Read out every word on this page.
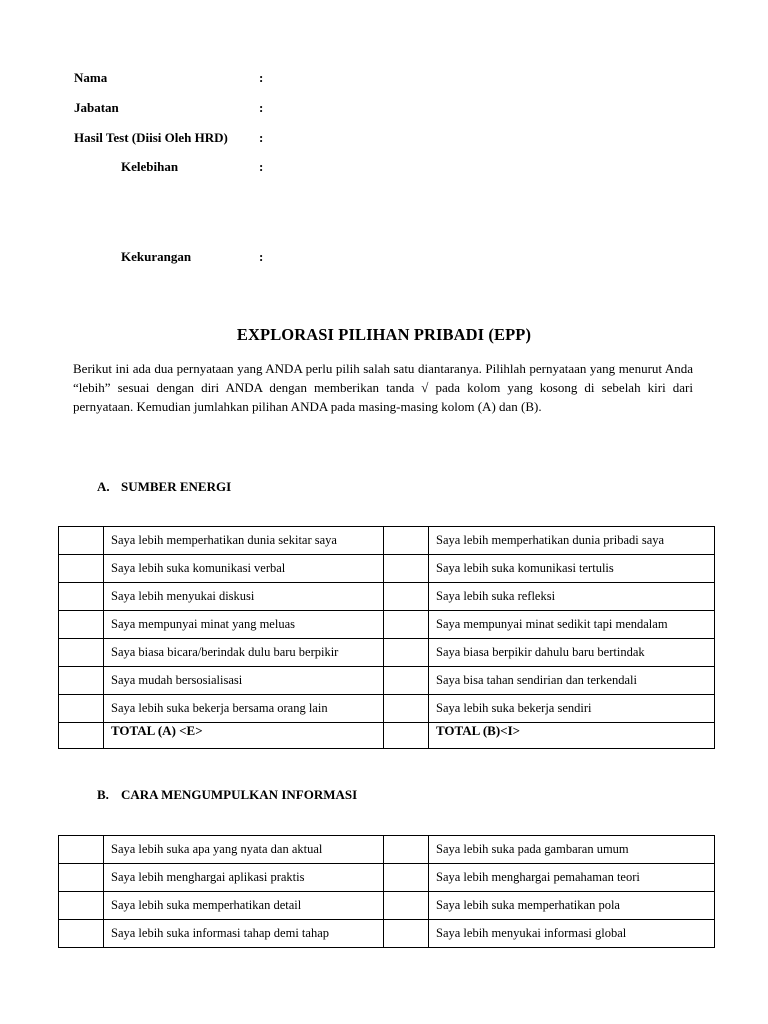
Nama	:
Jabatan	:
Hasil Test (Diisi Oleh HRD) :
Kelebihan	:
Kekurangan	:
EXPLORASI PILIHAN PRIBADI (EPP)
Berikut ini ada dua pernyataan yang ANDA perlu pilih salah satu diantaranya. Pilihlah pernyataan yang menurut Anda “lebih” sesuai dengan diri ANDA dengan memberikan tanda √ pada kolom yang kosong di sebelah kiri dari pernyataan. Kemudian jumlahkan pilihan ANDA pada masing-masing kolom (A) dan (B).
A. SUMBER ENERGI
	Saya lebih memperhatikan dunia sekitar saya		Saya lebih memperhatikan dunia pribadi saya
	Saya lebih suka komunikasi verbal		Saya lebih suka komunikasi tertulis
	Saya lebih menyukai diskusi		Saya lebih suka refleksi
	Saya mempunyai minat yang meluas		Saya mempunyai minat sedikit tapi mendalam
	Saya biasa bicara/berindak dulu baru berpikir		Saya biasa berpikir dahulu baru bertindak
	Saya mudah bersosialisasi		Saya bisa tahan sendirian dan terkendali
	Saya lebih suka bekerja bersama orang lain		Saya lebih suka bekerja sendiri
	TOTAL (A) <E>		TOTAL (B)<I>
B. CARA MENGUMPULKAN INFORMASI
	Saya lebih suka apa yang nyata dan aktual		Saya lebih suka pada gambaran umum
	Saya lebih menghargai aplikasi praktis		Saya lebih menghargai pemahaman teori
	Saya lebih suka memperhatikan detail		Saya lebih suka memperhatikan pola
	Saya lebih suka informasi tahap demi tahap		Saya lebih menyukai informasi global
